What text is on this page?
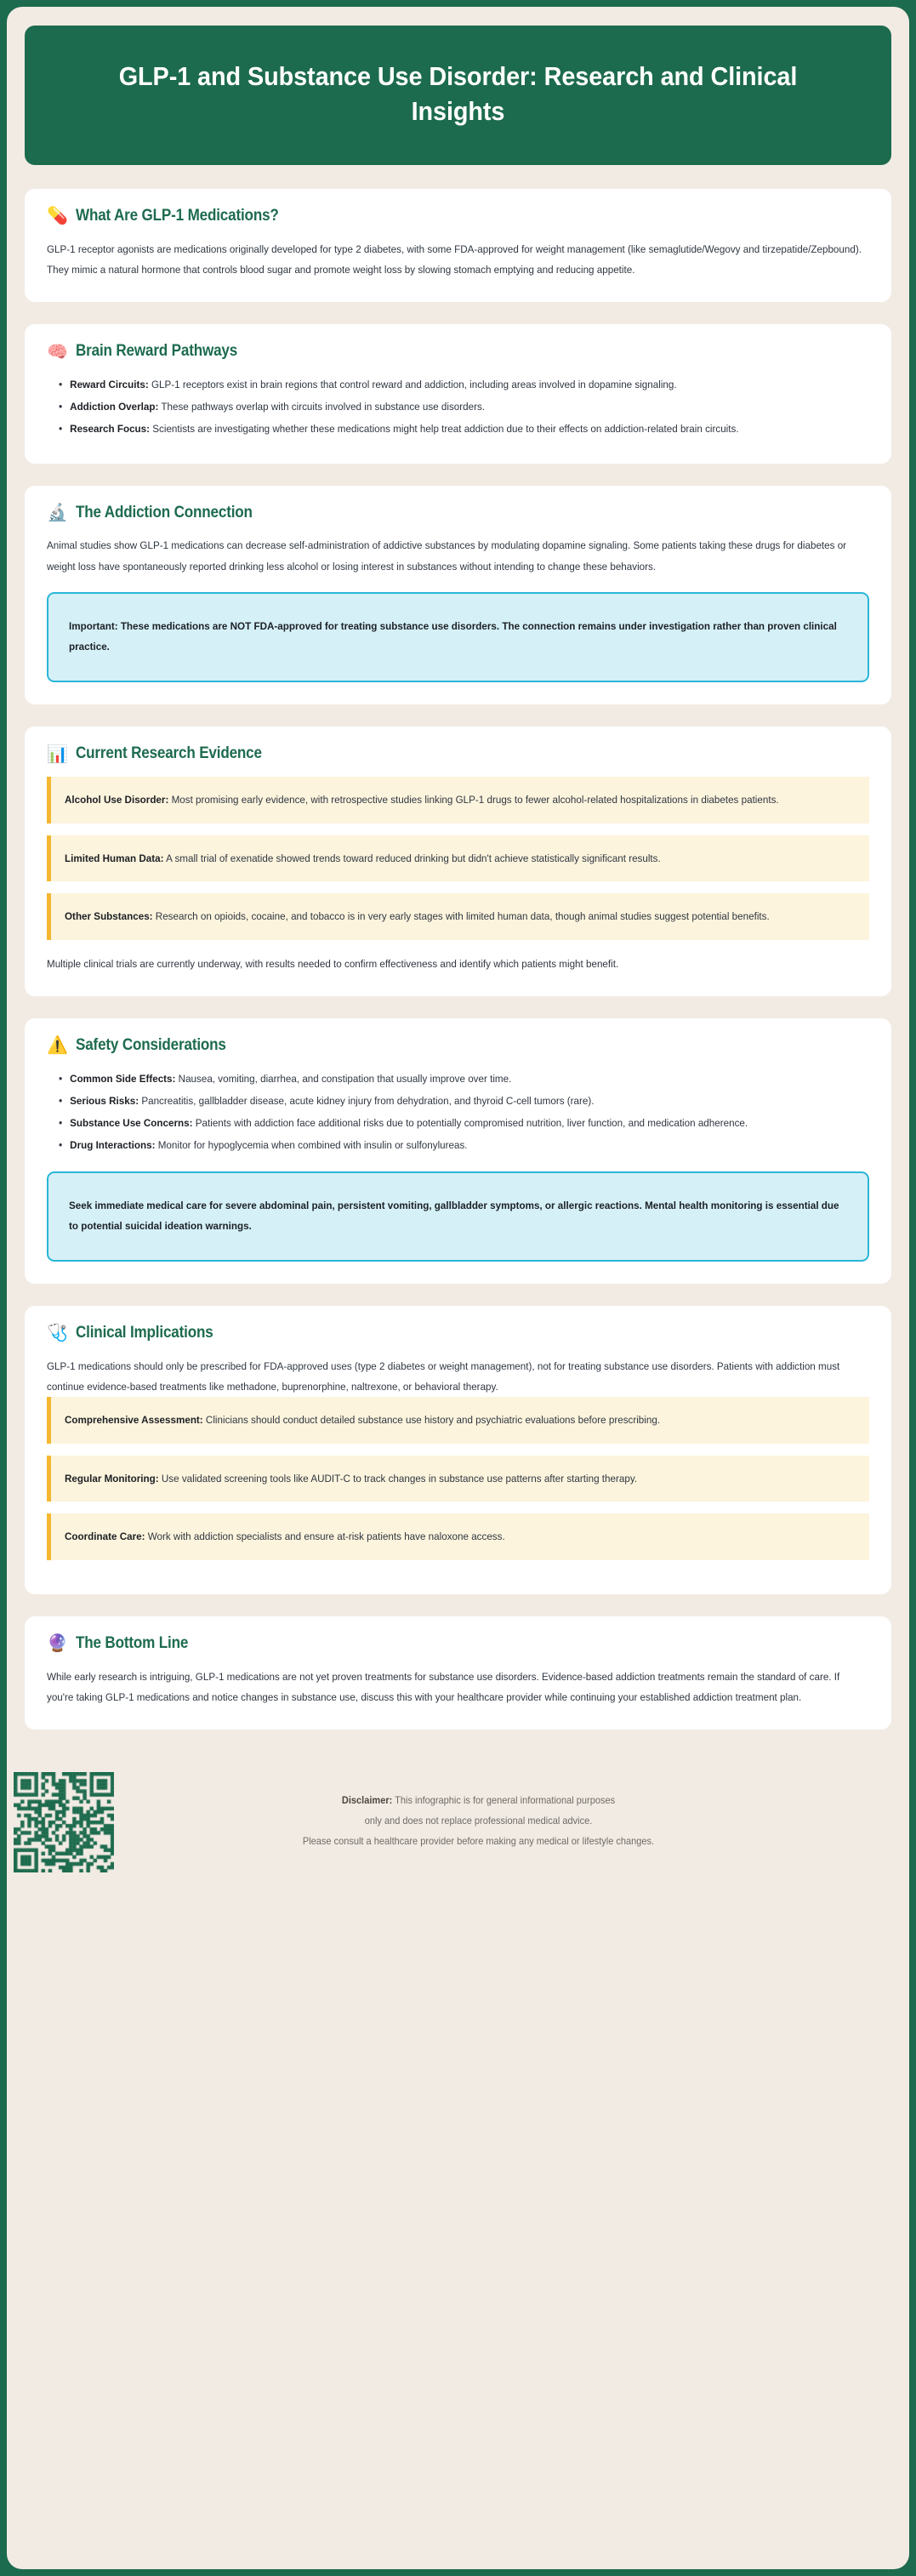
GLP-1 and Substance Use Disorder: Research and Clinical Insights
💊 What Are GLP-1 Medications?
GLP-1 receptor agonists are medications originally developed for type 2 diabetes, with some FDA-approved for weight management (like semaglutide/Wegovy and tirzepatide/Zepbound). They mimic a natural hormone that controls blood sugar and promote weight loss by slowing stomach emptying and reducing appetite.
🧠 Brain Reward Pathways
• Reward Circuits: GLP-1 receptors exist in brain regions that control reward and addiction, including areas involved in dopamine signaling.
• Addiction Overlap: These pathways overlap with circuits involved in substance use disorders.
• Research Focus: Scientists are investigating whether these medications might help treat addiction due to their effects on addiction-related brain circuits.
🔬 The Addiction Connection
Animal studies show GLP-1 medications can decrease self-administration of addictive substances by modulating dopamine signaling. Some patients taking these drugs for diabetes or weight loss have spontaneously reported drinking less alcohol or losing interest in substances without intending to change these behaviors.
Important: These medications are NOT FDA-approved for treating substance use disorders. The connection remains under investigation rather than proven clinical practice.
📊 Current Research Evidence
Alcohol Use Disorder: Most promising early evidence, with retrospective studies linking GLP-1 drugs to fewer alcohol-related hospitalizations in diabetes patients.
Limited Human Data: A small trial of exenatide showed trends toward reduced drinking but didn't achieve statistically significant results.
Other Substances: Research on opioids, cocaine, and tobacco is in very early stages with limited human data, though animal studies suggest potential benefits.
Multiple clinical trials are currently underway, with results needed to confirm effectiveness and identify which patients might benefit.
⚠️ Safety Considerations
• Common Side Effects: Nausea, vomiting, diarrhea, and constipation that usually improve over time.
• Serious Risks: Pancreatitis, gallbladder disease, acute kidney injury from dehydration, and thyroid C-cell tumors (rare).
• Substance Use Concerns: Patients with addiction face additional risks due to potentially compromised nutrition, liver function, and medication adherence.
• Drug Interactions: Monitor for hypoglycemia when combined with insulin or sulfonylureas.
Seek immediate medical care for severe abdominal pain, persistent vomiting, gallbladder symptoms, or allergic reactions. Mental health monitoring is essential due to potential suicidal ideation warnings.
🩺 Clinical Implications
GLP-1 medications should only be prescribed for FDA-approved uses (type 2 diabetes or weight management), not for treating substance use disorders. Patients with addiction must continue evidence-based treatments like methadone, buprenorphine, naltrexone, or behavioral therapy.
Comprehensive Assessment: Clinicians should conduct detailed substance use history and psychiatric evaluations before prescribing.
Regular Monitoring: Use validated screening tools like AUDIT-C to track changes in substance use patterns after starting therapy.
Coordinate Care: Work with addiction specialists and ensure at-risk patients have naloxone access.
🔮 The Bottom Line
While early research is intriguing, GLP-1 medications are not yet proven treatments for substance use disorders. Evidence-based addiction treatments remain the standard of care. If you're taking GLP-1 medications and notice changes in substance use, discuss this with your healthcare provider while continuing your established addiction treatment plan.
Disclaimer: This infographic is for general informational purposes
only and does not replace professional medical advice.
Please consult a healthcare provider before making any medical or lifestyle changes.
